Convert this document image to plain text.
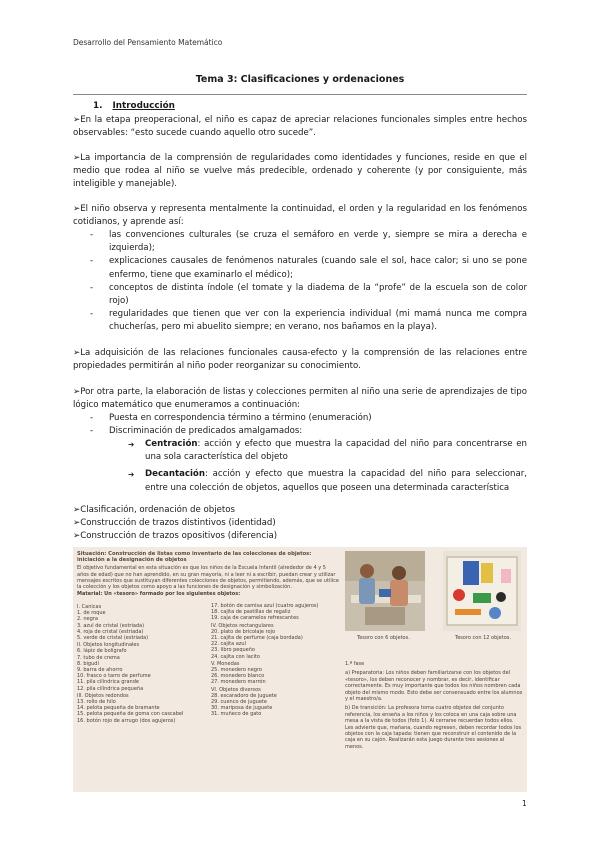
Desarrollo del Pensamiento Matemático
Tema 3: Clasificaciones y ordenaciones
1. Introducción

➢En la etapa preoperacional, el niño es capaz de apreciar relaciones funcionales simples entre hechos observables: “esto sucede cuando aquello otro sucede”.

➢La importancia de la comprensión de regularidades como identidades y funciones, reside en que el medio que rodea al niño se vuelve más predecible, ordenado y coherente (y por consiguiente, más inteligible y manejable).

➢El niño observa y representa mentalmente la continuidad, el orden y la regularidad en los fenómenos cotidianos, y aprende así:

- las convenciones culturales (se cruza el semáforo en verde y, siempre se mira a derecha e izquierda);
- explicaciones causales de fenómenos naturales (cuando sale el sol, hace calor; si uno se pone enfermo, tiene que examinarlo el médico);
- conceptos de distinta índole (el tomate y la diadema de la “profe” de la escuela son de color rojo)
- regularidades que tienen que ver con la experiencia individual (mi mamá nunca me compra chucherías, pero mi abuelito siempre; en verano, nos bañamos en la playa).

➢La adquisición de las relaciones funcionales causa-efecto y la comprensión de las relaciones entre propiedades permitirán al niño poder reorganizar su conocimiento.

➢Por otra parte, la elaboración de listas y colecciones permiten al niño una serie de aprendizajes de tipo lógico matemático que enumeramos a continuación:

- Puesta en correspondencia término a término (enumeración)
- Discriminación de predicados amalgamados:
➔ Centración: acción y efecto que muestra la capacidad del niño para concentrarse en una sola característica del objeto
➔ Decantación: acción y efecto que muestra la capacidad del niño para seleccionar, entre una colección de objetos, aquellos que poseen una determinada característica
➢Clasificación, ordenación de objetos
➢Construcción de trazos distintivos (identidad)
➢Construcción de trazos opositivos (diferencia)
Situación: Construcción de listas como inventario de las colecciones de objetos: iniciación a la designación de objetos
El objetivo fundamental en esta situación es que los niños de la Escuela Infantil (alrededor de 4 y 5 años de edad) que no han aprendido, en su gran mayoría, ni a leer ni a escribir, puedan crear y utilizar mensajes escritos que sustituyan diferentes colecciones de objetos, permitiendo, además, que se utilice la colección y los objetos como apoyo a las funciones de designación y simbolización.
Material: Un «tesoro» formado por los siguientes objetos:
I. Canicas
1. de roque
2. negra
3. azul de cristal (estriada)
4. roja de cristal (estriada)
5. verde de cristal (estriada)
II. Objetos longitudinales
6. lápiz de bolígrafo
7. tubo de crema
8. bigudí
9. barra de ahorro
10. frasco o tarro de perfume
11. pila cilíndrica grande
12. pila cilíndrica pequeña
III. Objetos redondos
13. rollo de hilo
14. pelota pequeña de bramante
15. pelota pequeña de goma con cascabel
16. botón rojo de arrugo (dos agujeros)
17. botón de camisa azul (cuatro agujeros)
18. cajita de pastillas de regaliz
19. caja de caramelos refrescantes
IV. Objetos rectangulares
20. plato de bricolaje rojo
21. cajita de perfume (caja bordada)
22. cajita azul
23. libro pequeño
24. cajita con lacito
V. Monedas
25. monedero negro
26. monedero blanco
27. monedero marrón
VI. Objetos diversos
28. escaradoro de juguete
29. cuenco de juguete
30. mariposa de juguete
31. muñeco de gato
Tesoro con 6 objetos.	Tesoro con 12 objetos.
1.ª fase
a) Preparatoria: Los niños deben familiarizarse con los objetos del «tesoro», los deben reconocer y nombrar, es decir, identificar correctamente. Es muy importante que todos los niños nombren cada objeto del mismo modo. Esto debe ser consensuado entre los alumnos y el maestro/a.
b) De transición: La profesora toma cuatro objetos del conjunto referencia, los enseña a los niños y los coloca en una caja sobre una mesa a la vista de todos (foto 1). Al cerrarse recuerdan todos ellos. Les advierte que, mañana, cuando regresen, deben recordar todos los objetos con la caja tapada: tienen que reconstruir el contenido de la caja en su cajón. Realizarán esta juego durante tres sesiones al menos.
1
